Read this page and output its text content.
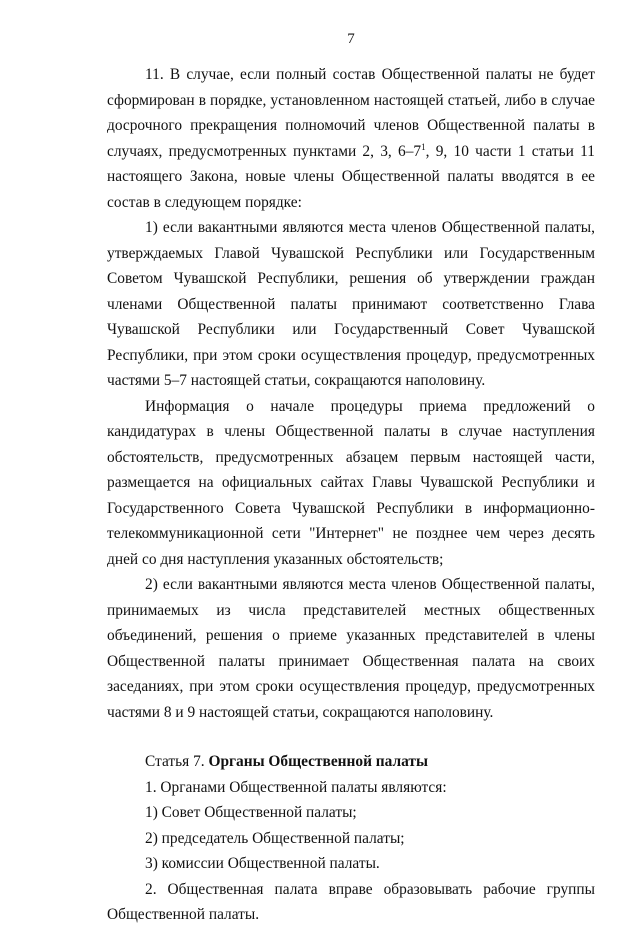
7

11. В случае, если полный состав Общественной палаты не будет сформирован в порядке, установленном настоящей статьей, либо в случае досрочного прекращения полномочий членов Общественной палаты в случаях, предусмотренных пунктами 2, 3, $6-7^1$, 9, 10 части 1 статьи 11 настоящего Закона, новые члены Общественной палаты вводятся в ее состав в следующем порядке:

1) если вакантными являются места членов Общественной палаты, утверждаемых Главой Чувашской Республики или Государственным Советом Чувашской Республики, решения об утверждении граждан членами Общественной палаты принимают соответственно Глава Чувашской Республики или Государственный Совет Чувашской Республики, при этом сроки осуществления процедур, предусмотренных частями 5–7 настоящей статьи, сокращаются наполовину.

Информация о начале процедуры приема предложений о кандидатурах в члены Общественной палаты в случае наступления обстоятельств, предусмотренных абзацем первым настоящей части, размещается на официальных сайтах Главы Чувашской Республики и Государственного Совета Чувашской Республики в информационно-телекоммуникационной сети "Интернет" не позднее чем через десять дней со дня наступления указанных обстоятельств;

2) если вакантными являются места членов Общественной палаты, принимаемых из числа представителей местных общественных объединений, решения о приеме указанных представителей в члены Общественной палаты принимает Общественная палата на своих заседаниях, при этом сроки осуществления процедур, предусмотренных частями 8 и 9 настоящей статьи, сокращаются наполовину.

Статья 7. Органы Общественной палаты

1. Органами Общественной палаты являются:

1) Совет Общественной палаты;

2) председатель Общественной палаты;

3) комиссии Общественной палаты.

2. Общественная палата вправе образовывать рабочие группы Общественной палаты.
